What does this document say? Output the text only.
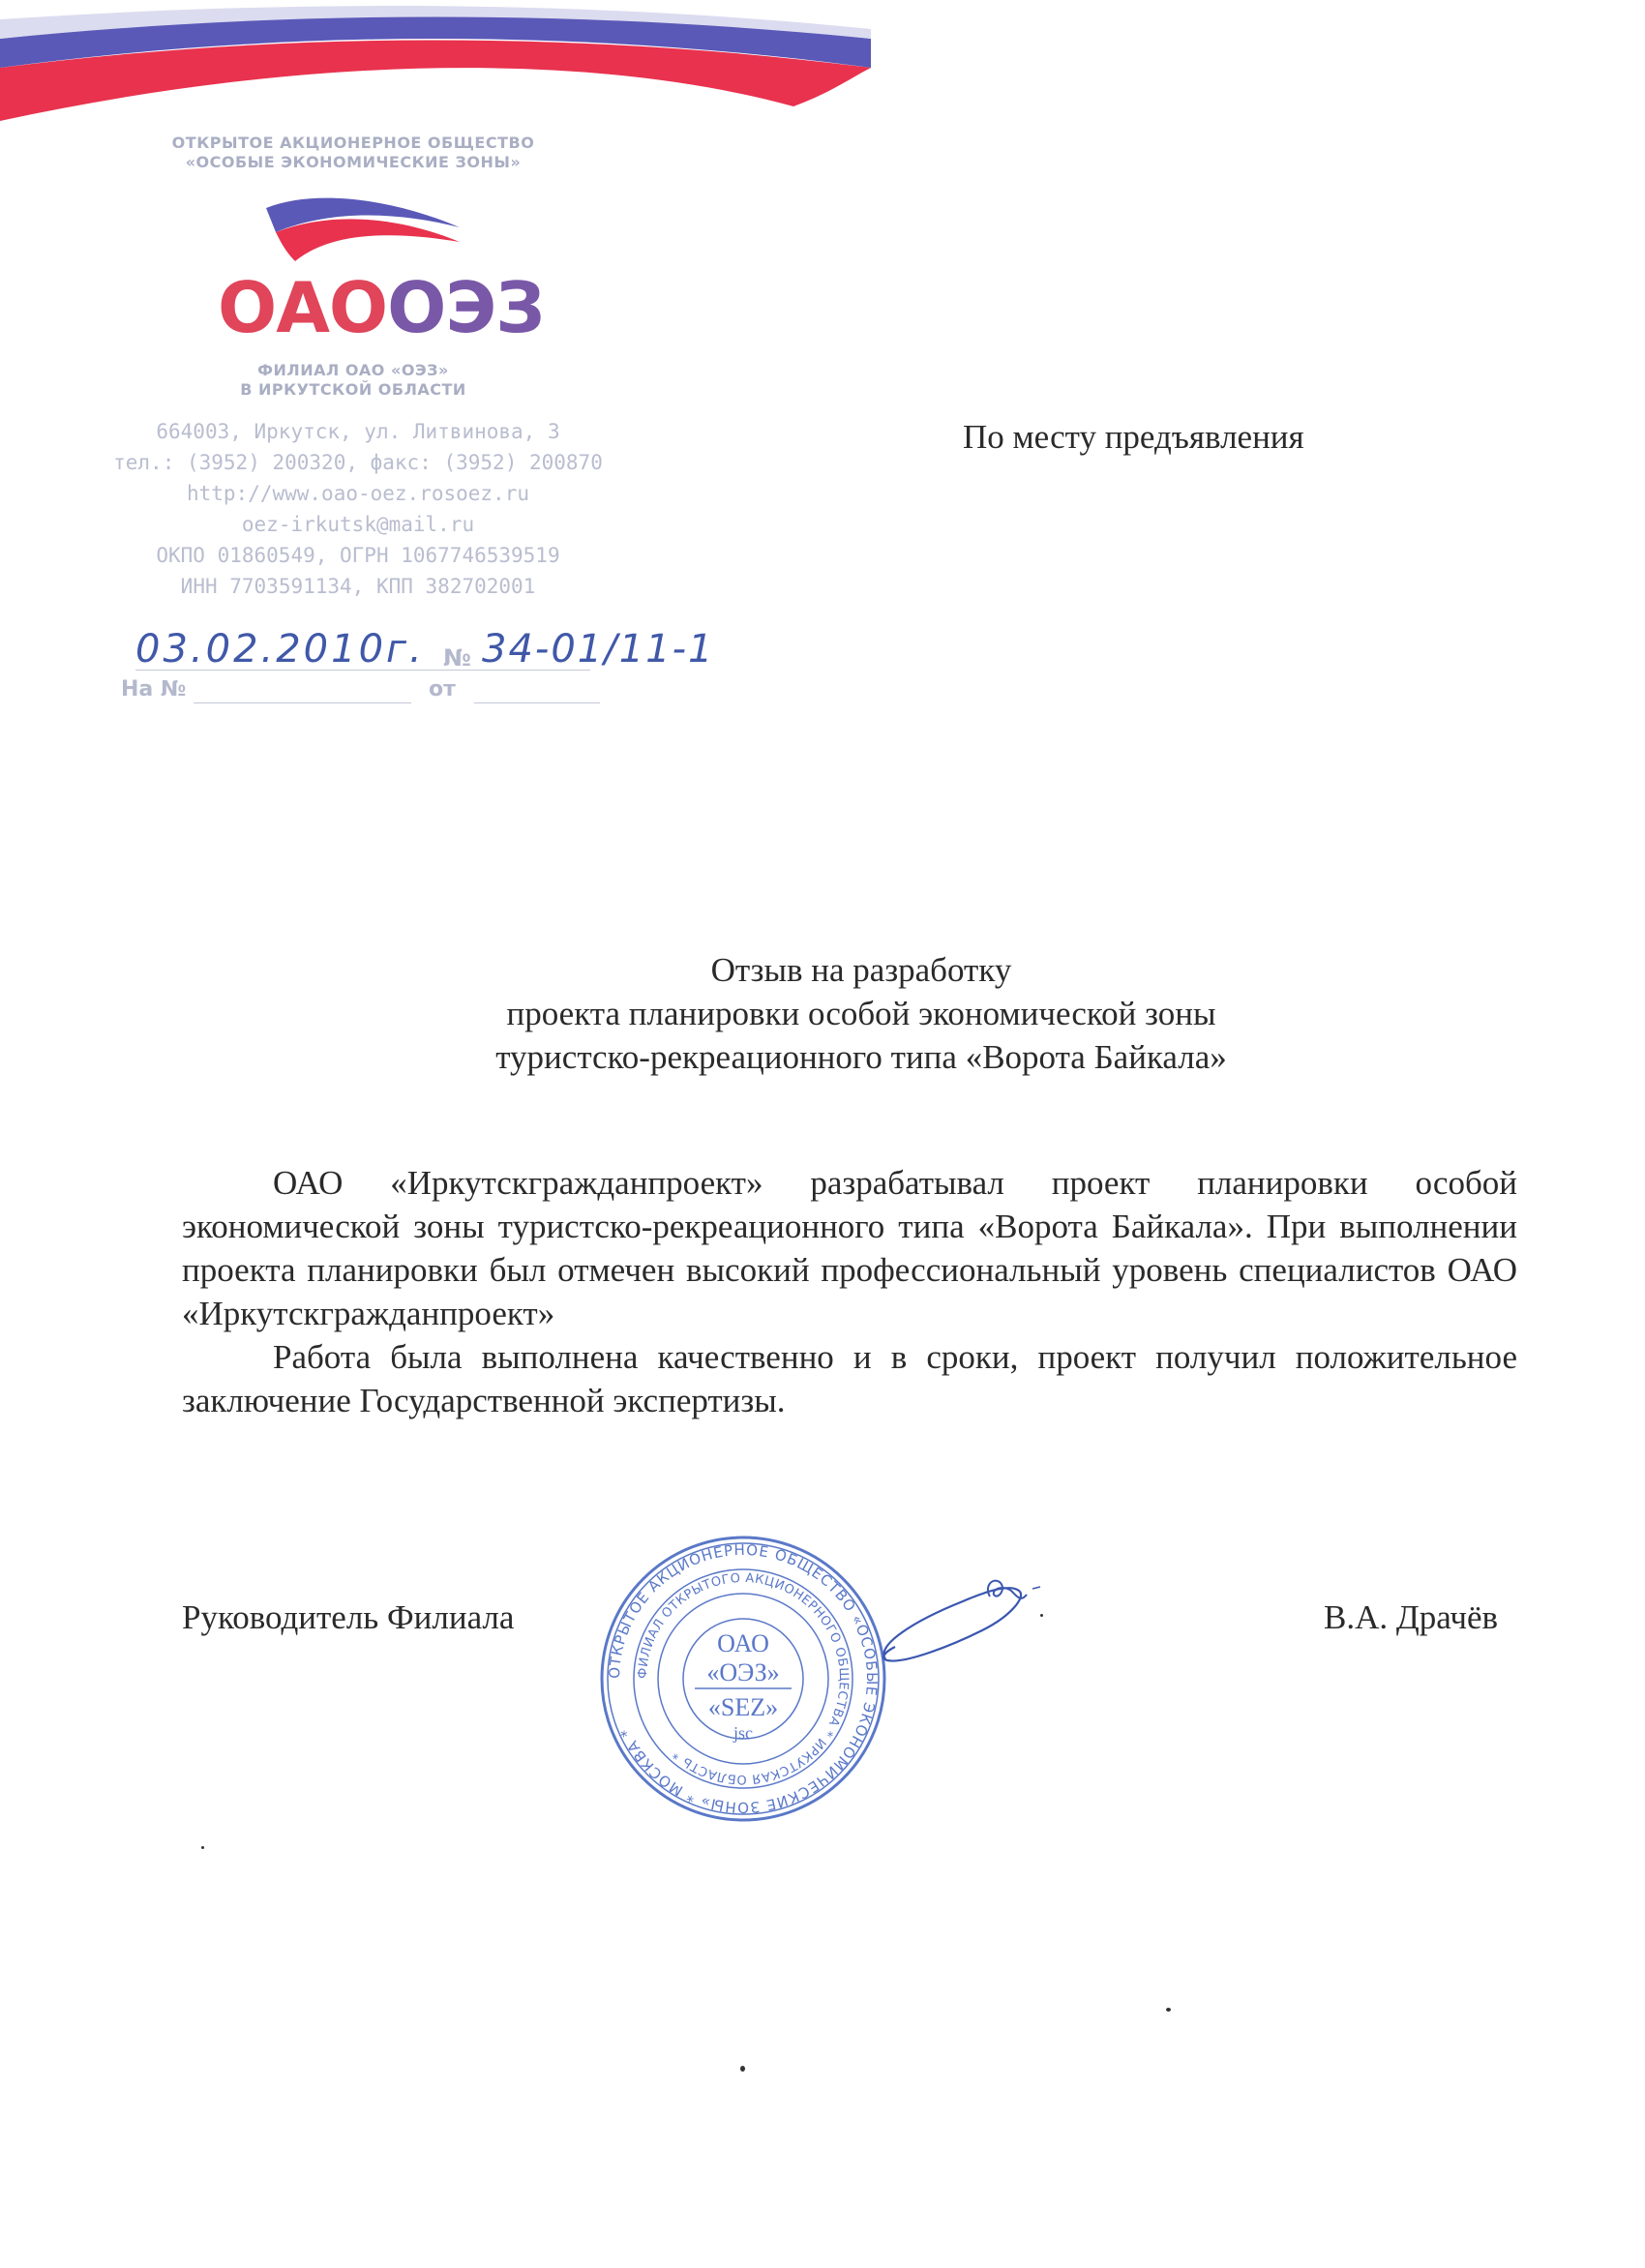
ОТКРЫТОЕ АКЦИОНЕРНОЕ ОБЩЕСТВО
«ОСОБЫЕ ЭКОНОМИЧЕСКИЕ ЗОНЫ»
ОАООЭЗ
ФИЛИАЛ ОАО «ОЭЗ»
В ИРКУТСКОЙ ОБЛАСТИ
664003, Иркутск, ул. Литвинова, 3
тел.: (3952) 200320, факс: (3952) 200870
http://www.oao-oez.rosoez.ru
oez-irkutsk@mail.ru
ОКПО 01860549, ОГРН 1067746539519
ИНН 7703591134, КПП 382702001
03.02.2010г. № 34-01/11-1
На №	от
По месту предъявления
Отзыв на разработку
проекта планировки особой экономической зоны
туристско-рекреационного типа «Ворота Байкала»

ОАО «Иркутскгражданпроект» разрабатывал проект планировки особой экономической зоны туристско-рекреационного типа «Ворота Байкала». При выполнении проекта планировки был отмечен высокий профессиональный уровень специалистов ОАО «Иркутскгражданпроект»

Работа была выполнена качественно и в сроки, проект получил положительное заключение Государственной экспертизы.

Руководитель Филиала	В.А. Драчёв
ОТКРЫТОЕ АКЦИОНЕРНОЕ ОБЩЕСТВО «ОСОБЫЕ ЭКОНОМИЧЕСКИЕ ЗОНЫ» * МОСКВА *
ФИЛИАЛ ОТКРЫТОГО АКЦИОНЕРНОГО ОБЩЕСТВА * ИРКУТСКАЯ ОБЛАСТЬ *
ОАО
«ОЭЗ»
«SEZ»
jsc
